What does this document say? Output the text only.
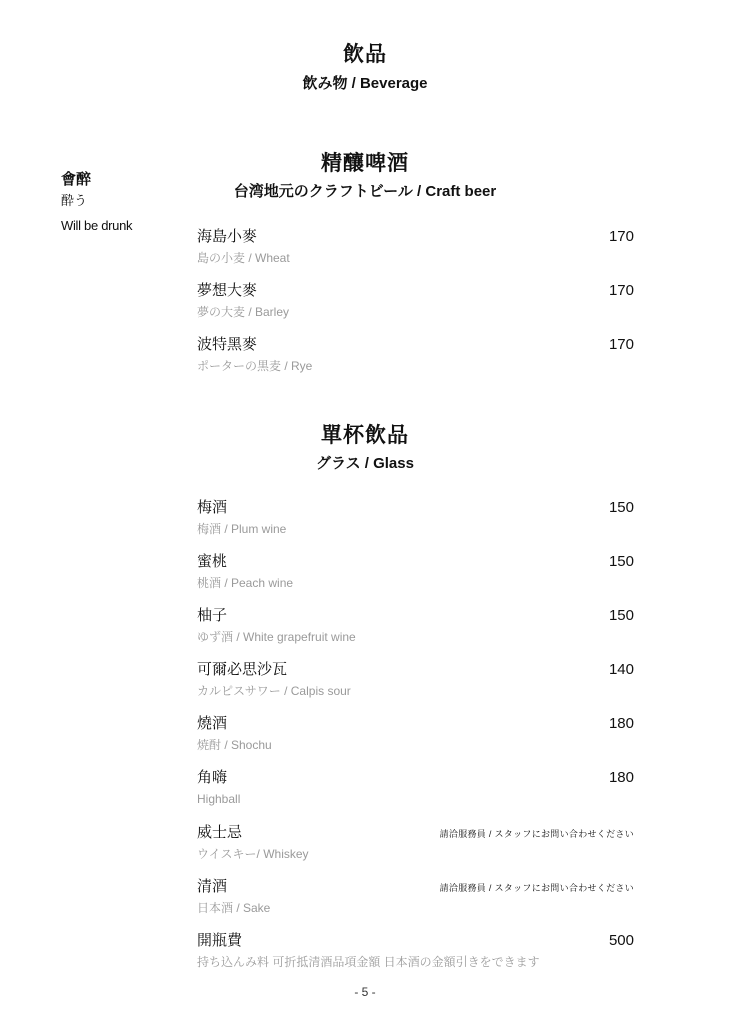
飲品
飲み物 / Beverage
會醉
酔う
Will be drunk
精釀啤酒
台湾地元のクラフトビール / Craft beer
海島小麥	170
島の小麦 / Wheat
夢想大麥	170
夢の大麦 / Barley
波特黑麥	170
ポーターの黒麦 / Rye
單杯飲品
グラス / Glass
梅酒	150
梅酒 / Plum wine
蜜桃	150
桃酒 / Peach wine
柚子	150
ゆず酒 / White grapefruit wine
可爾必思沙瓦	140
カルピスサワー / Calpis sour
燒酒	180
焼酎 / Shochu
角嗨	180
Highball
威士忌	請洽服務員 / スタッフにお問い合わせください
ウイスキー/ Whiskey
清酒	請洽服務員 / スタッフにお問い合わせください
日本酒 / Sake
開瓶費	500
持ち込んみ料 可折抵清酒品項金額 日本酒の金額引きをできます
- 5 -
